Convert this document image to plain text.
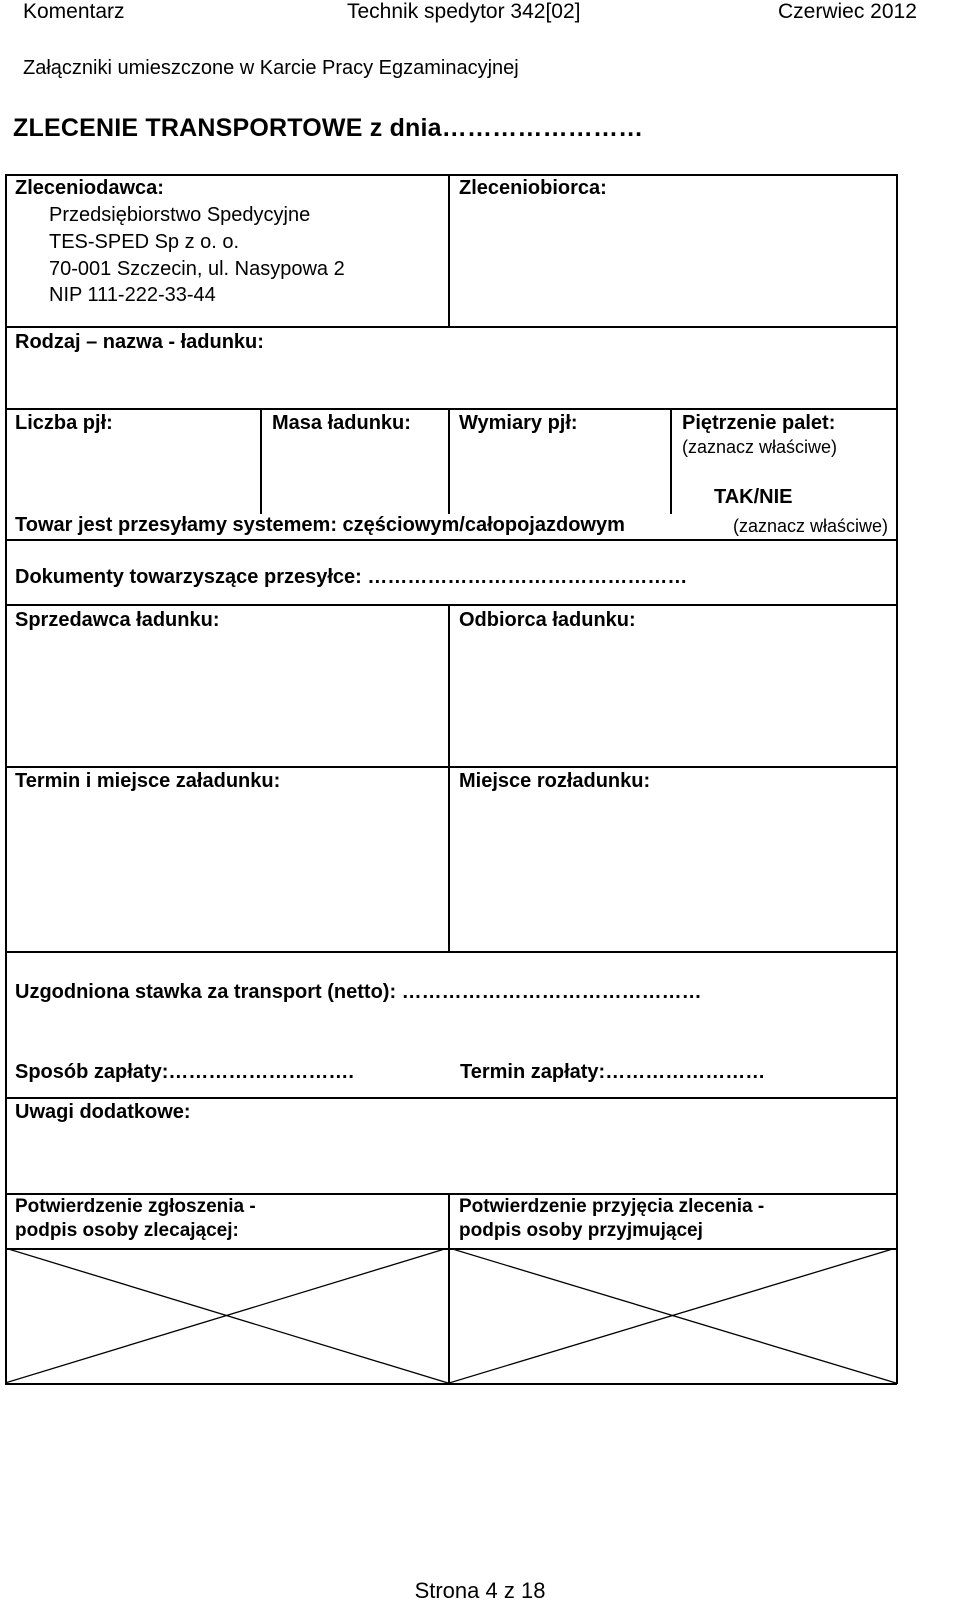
Komentarz	Technik spedytor 342[02]	Czerwiec 2012
Załączniki umieszczone w Karcie Pracy Egzaminacyjnej
ZLECENIE TRANSPORTOWE z dnia……………………
Zleceniodawca:
Przedsiębiorstwo Spedycyjne
TES-SPED Sp z o. o.
70-001 Szczecin, ul. Nasypowa 2
NIP 111-222-33-44
Zleceniobiorca:
Rodzaj – nazwa - ładunku:
Liczba pjł:	Masa ładunku: Wymiary pjł:	Piętrzenie palet:
(zaznacz właściwe)
TAK/NIE
Towar jest przesyłamy systemem: częściowym/całopojazdowym	(zaznacz właściwe)
Dokumenty towarzyszące przesyłce: …………………………………………
Sprzedawca ładunku:	Odbiorca ładunku:
Termin i miejsce załadunku:	Miejsce rozładunku:
Uzgodniona stawka za transport (netto): ………………………………………
Sposób zapłaty:……………………….	Termin zapłaty:……………………
Uwagi dodatkowe:
Potwierdzenie zgłoszenia -
podpis osoby zlecającej:
Potwierdzenie przyjęcia zlecenia -
podpis osoby przyjmującej
Strona 4 z 18
